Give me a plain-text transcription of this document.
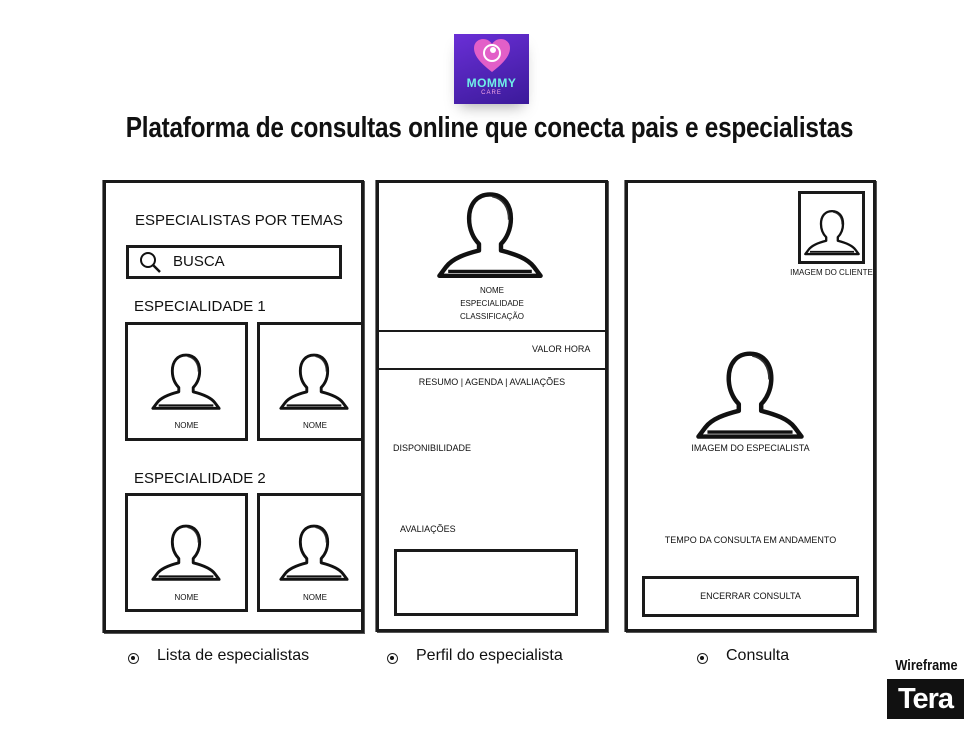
MOMMY
CARE
Plataforma de consultas online que conecta pais e especialistas
ESPECIALISTAS POR TEMAS
BUSCA
ESPECIALIDADE 1
NOME	NOME
ESPECIALIDADE 2
NOME	NOME
Lista de especialistas
NOME
ESPECIALIDADE
CLASSIFICAÇÃO
VALOR HORA
RESUMO | AGENDA | AVALIAÇÕES
DISPONIBILIDADE
AVALIAÇÕES
Perfil do especialista
IMAGEM DO CLIENTE
IMAGEM DO ESPECIALISTA
TEMPO DA CONSULTA EM ANDAMENTO
ENCERRAR CONSULTA
Consulta
Wireframe
Tera
